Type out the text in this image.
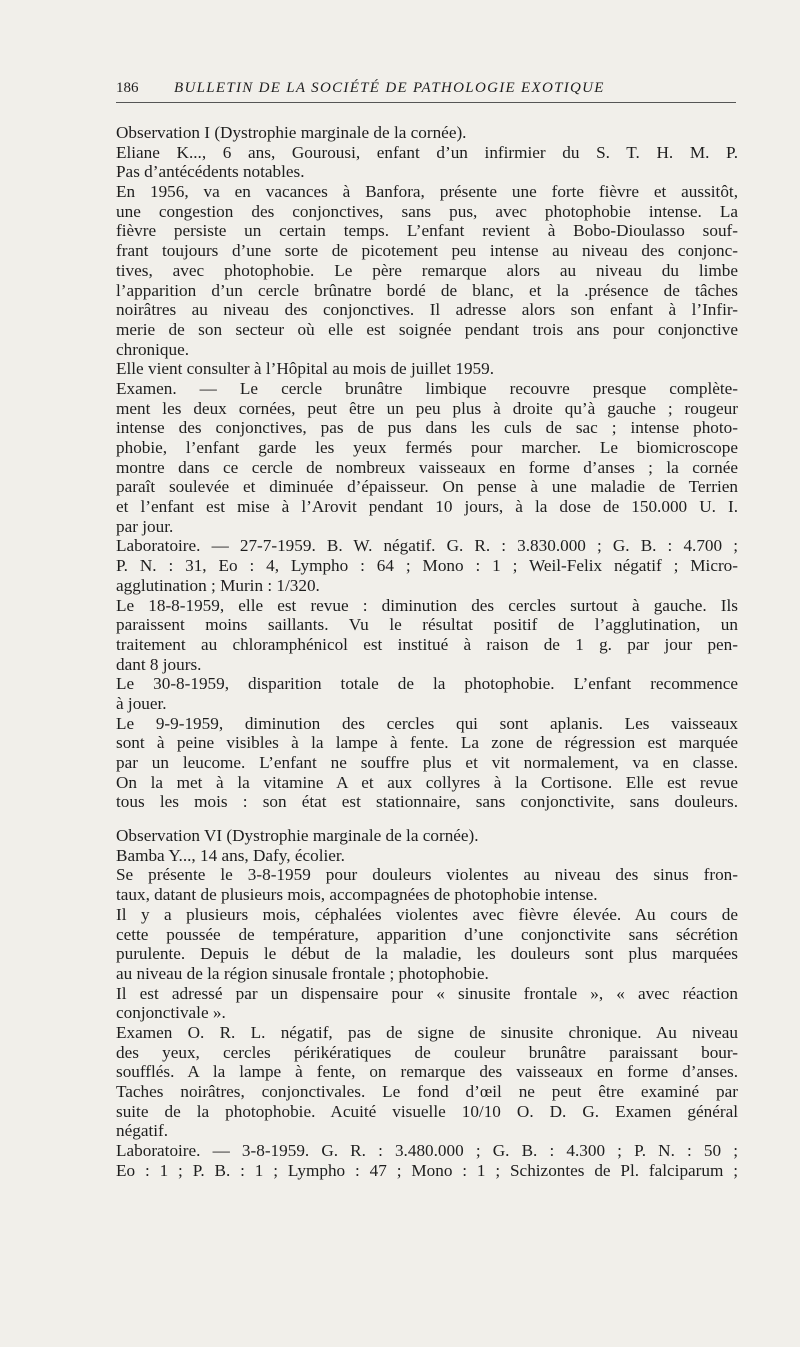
186 BULLETIN DE LA SOCIÉTÉ DE PATHOLOGIE EXOTIQUE
Observation I (Dystrophie marginale de la cornée).
Eliane K..., 6 ans, Gourousi, enfant d’un infirmier du S. T. H. M. P.
Pas d’antécédents notables.
En 1956, va en vacances à Banfora, présente une forte fièvre et aussitôt,
une congestion des conjonctives, sans pus, avec photophobie intense. La
fièvre persiste un certain temps. L’enfant revient à Bobo-Dioulasso souf-
frant toujours d’une sorte de picotement peu intense au niveau des conjonc-
tives, avec photophobie. Le père remarque alors au niveau du limbe
l’apparition d’un cercle brûnatre bordé de blanc, et la .présence de tâches
noirâtres au niveau des conjonctives. Il adresse alors son enfant à l’Infir-
merie de son secteur où elle est soignée pendant trois ans pour conjonctive
chronique.
Elle vient consulter à l’Hôpital au mois de juillet 1959.
Examen. — Le cercle brunâtre limbique recouvre presque complète-
ment les deux cornées, peut être un peu plus à droite qu’à gauche ; rougeur
intense des conjonctives, pas de pus dans les culs de sac ; intense photo-
phobie, l’enfant garde les yeux fermés pour marcher. Le biomicroscope
montre dans ce cercle de nombreux vaisseaux en forme d’anses ; la cornée
paraît soulevée et diminuée d’épaisseur. On pense à une maladie de Terrien
et l’enfant est mise à l’Arovit pendant 10 jours, à la dose de 150.000 U. I.
par jour.
Laboratoire. — 27-7-1959. B. W. négatif. G. R. : 3.830.000 ; G. B. : 4.700 ;
P. N. : 31, Eo : 4, Lympho : 64 ; Mono : 1 ; Weil-Felix négatif ; Micro-
agglutination ; Murin : 1/320.
Le 18-8-1959, elle est revue : diminution des cercles surtout à gauche. Ils
paraissent moins saillants. Vu le résultat positif de l’agglutination, un
traitement au chloramphénicol est institué à raison de 1 g. par jour pen-
dant 8 jours.
Le 30-8-1959, disparition totale de la photophobie. L’enfant recommence
à jouer.
Le 9-9-1959, diminution des cercles qui sont aplanis. Les vaisseaux
sont à peine visibles à la lampe à fente. La zone de régression est marquée
par un leucome. L’enfant ne souffre plus et vit normalement, va en classe.
On la met à la vitamine A et aux collyres à la Cortisone. Elle est revue
tous les mois : son état est stationnaire, sans conjonctivite, sans douleurs.
Observation VI (Dystrophie marginale de la cornée).
Bamba Y..., 14 ans, Dafy, écolier.
Se présente le 3-8-1959 pour douleurs violentes au niveau des sinus fron-
taux, datant de plusieurs mois, accompagnées de photophobie intense.
Il y a plusieurs mois, céphalées violentes avec fièvre élevée. Au cours de
cette poussée de température, apparition d’une conjonctivite sans sécrétion
purulente. Depuis le début de la maladie, les douleurs sont plus marquées
au niveau de la région sinusale frontale ; photophobie.
Il est adressé par un dispensaire pour « sinusite frontale », « avec réaction
conjonctivale ».
Examen O. R. L. négatif, pas de signe de sinusite chronique. Au niveau
des yeux, cercles périkératiques de couleur brunâtre paraissant bour-
soufflés. A la lampe à fente, on remarque des vaisseaux en forme d’anses.
Taches noirâtres, conjonctivales. Le fond d’œil ne peut être examiné par
suite de la photophobie. Acuité visuelle 10/10 O. D. G. Examen général
négatif.
Laboratoire. — 3-8-1959. G. R. : 3.480.000 ; G. B. : 4.300 ; P. N. : 50 ;
Eo : 1 ; P. B. : 1 ; Lympho : 47 ; Mono : 1 ; Schizontes de Pl. falciparum ;
